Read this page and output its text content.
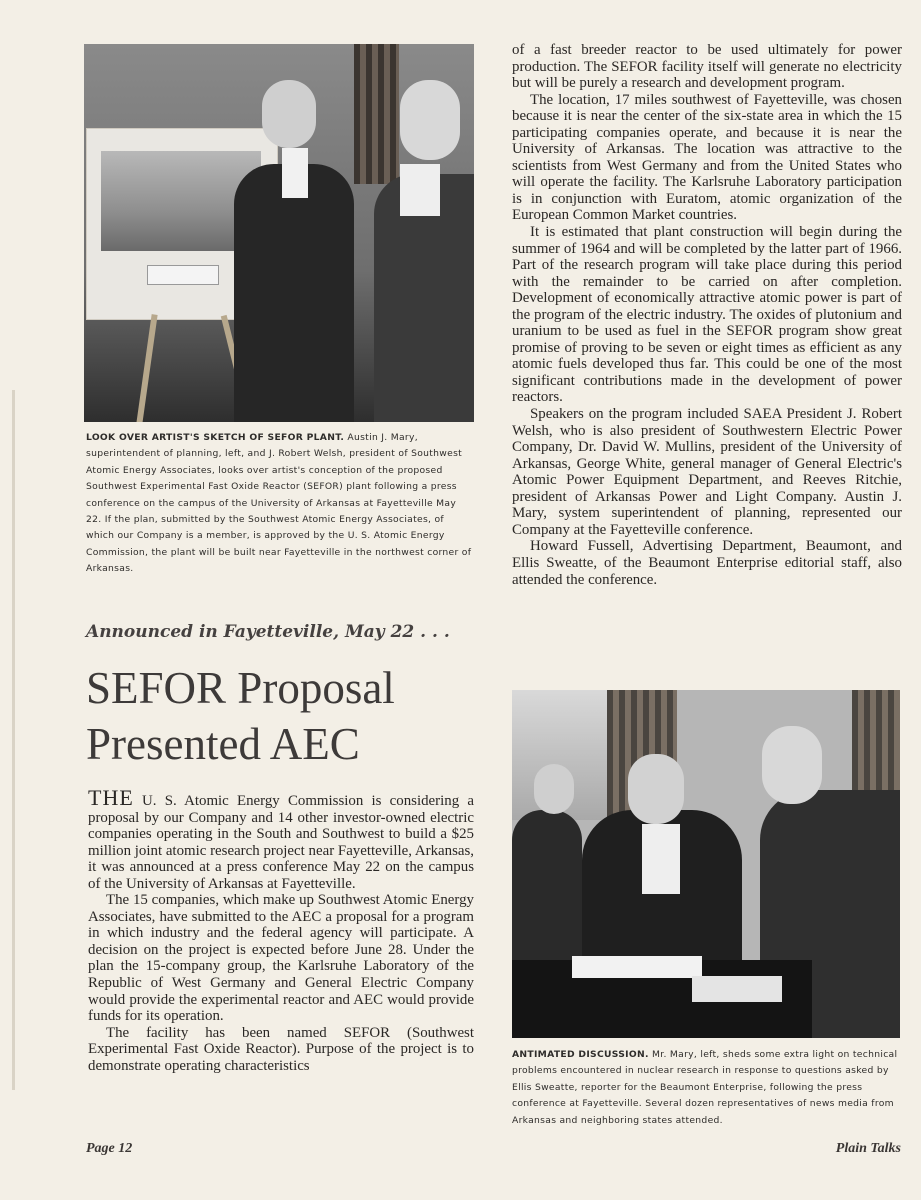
LOOK OVER ARTIST'S SKETCH OF SEFOR PLANT. Austin J. Mary, superintendent of planning, left, and J. Robert Welsh, president of Southwest Atomic Energy Associates, looks over artist's conception of the proposed Southwest Experimental Fast Oxide Reactor (SEFOR) plant following a press conference on the campus of the University of Arkansas at Fayetteville May 22. If the plan, submitted by the Southwest Atomic Energy Associates, of which our Company is a member, is approved by the U. S. Atomic Energy Commission, the plant will be built near Fayetteville in the northwest corner of Arkansas.
Announced in Fayetteville, May 22 . . .
SEFOR Proposal
Presented AEC

THE U. S. Atomic Energy Commission is considering a proposal by our Company and 14 other investor-owned electric companies operating in the South and Southwest to build a $25 million joint atomic research project near Fayetteville, Arkansas, it was announced at a press conference May 22 on the campus of the University of Arkansas at Fayetteville.

The 15 companies, which make up Southwest Atomic Energy Associates, have submitted to the AEC a proposal for a program in which industry and the federal agency will participate. A decision on the project is expected before June 28. Under the plan the 15-company group, the Karlsruhe Laboratory of the Republic of West Germany and General Electric Company would provide the experimental reactor and AEC would provide funds for its operation.

The facility has been named SEFOR (Southwest Experimental Fast Oxide Reactor). Purpose of the project is to demonstrate operating characteristics

of a fast breeder reactor to be used ultimately for power production. The SEFOR facility itself will generate no electricity but will be purely a research and development program.

The location, 17 miles southwest of Fayetteville, was chosen because it is near the center of the six-state area in which the 15 participating companies operate, and because it is near the University of Arkansas. The location was attractive to the scientists from West Germany and from the United States who will operate the facility. The Karlsruhe Laboratory participation is in conjunction with Euratom, atomic organization of the European Common Market countries.

It is estimated that plant construction will begin during the summer of 1964 and will be completed by the latter part of 1966. Part of the research program will take place during this period with the remainder to be carried on after completion. Development of economically attractive atomic power is part of the program of the electric industry. The oxides of plutonium and uranium to be used as fuel in the SEFOR program show great promise of proving to be seven or eight times as efficient as any atomic fuels developed thus far. This could be one of the most significant contributions made in the development of power reactors.

Speakers on the program included SAEA President J. Robert Welsh, who is also president of Southwestern Electric Power Company, Dr. David W. Mullins, president of the University of Arkansas, George White, general manager of General Electric's Atomic Power Equipment Department, and Reeves Ritchie, president of Arkansas Power and Light Company. Austin J. Mary, system superintendent of planning, represented our Company at the Fayetteville conference.

Howard Fussell, Advertising Department, Beaumont, and Ellis Sweatte, of the Beaumont Enterprise editorial staff, also attended the conference.

ANTIMATED DISCUSSION. Mr. Mary, left, sheds some extra light on technical problems encountered in nuclear research in response to questions asked by Ellis Sweatte, reporter for the Beaumont Enterprise, following the press conference at Fayetteville. Several dozen representatives of news media from Arkansas and neighboring states attended.
Page 12	Plain Talks
